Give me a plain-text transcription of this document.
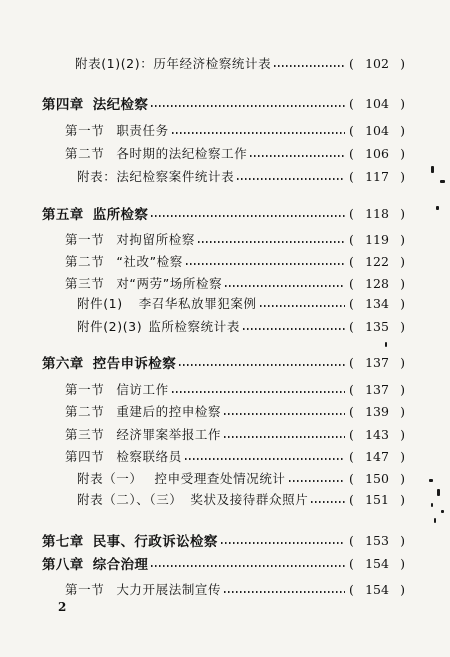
附表(1)(2)： 历年经济检察统计表	( 102 )
第四章 法纪检察	( 104 )
第一节 职责任务	( 104 )
第二节 各时期的法纪检察工作	( 106 )
附表： 法纪检察案件统计表	( 117 )
第五章 监所检察	( 118 )
第一节 对拘留所检察	( 119 )
第二节 “社改”检察	( 122 )
第三节 对“两劳”场所检察	( 128 )
附件(1) 李召华私放罪犯案例	( 134 )
附件(2)(3) 监所检察统计表	( 135 )
第六章 控告申诉检察	( 137 )
第一节 信访工作	( 137 )
第二节 重建后的控申检察	( 139 )
第三节 经济罪案举报工作	( 143 )
第四节 检察联络员	( 147 )
附表（一） 控申受理查处情况统计	( 150 )
附表（二）、（三） 奖状及接待群众照片	( 151 )
第七章 民事、行政诉讼检察	( 153 )
第八章 综合治理	( 154 )
第一节 大力开展法制宣传	( 154 )
2
